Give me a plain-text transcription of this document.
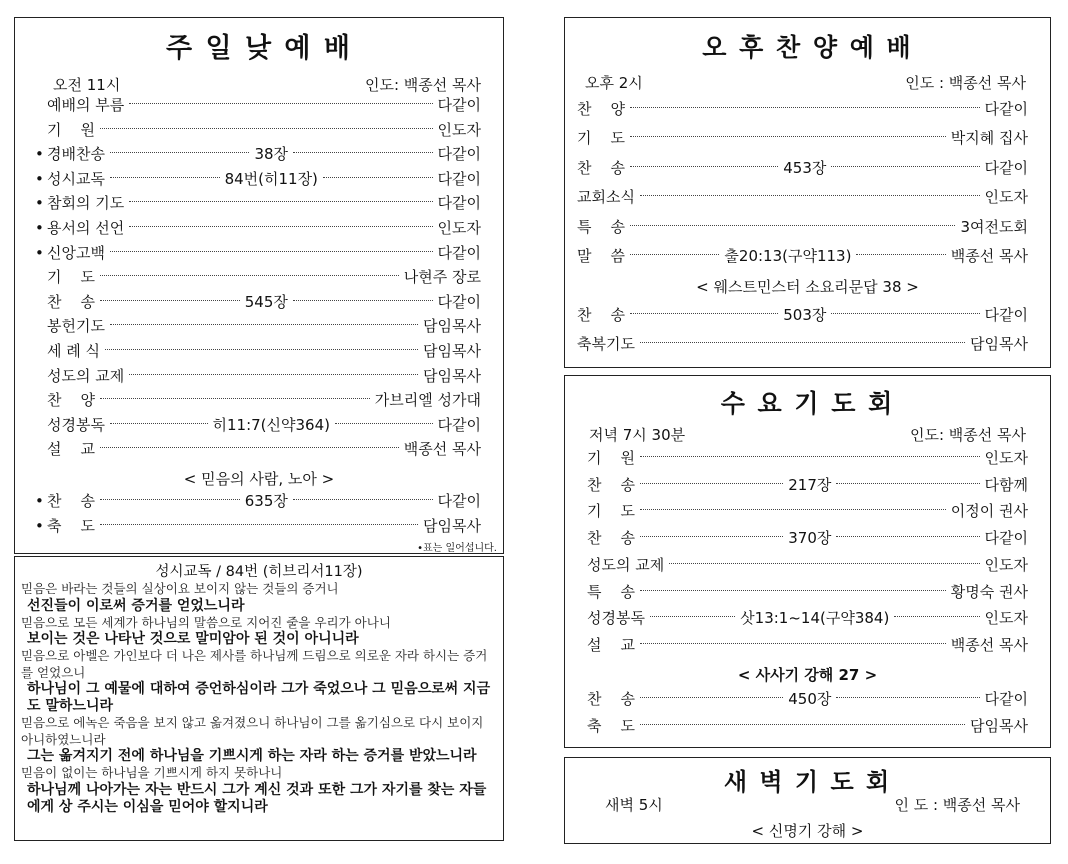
주 일 낮 예 배
오전 11시	인도: 백종선 목사
예배의 부름	다같이
기    원	인도자
• 경배찬송	38장	다같이
• 성시교독	84번(히11장)	다같이
• 참회의 기도	다같이
• 용서의 선언	인도자
• 신앙고백	다같이
기    도	나현주 장로
찬    송	545장	다같이
봉헌기도	담임목사
세 례 식	담임목사
성도의 교제	담임목사
찬    양	가브리엘 성가대
성경봉독	히11:7(신약364)	다같이
설    교	백종선 목사
< 믿음의 사람, 노아 >
• 찬    송	635장	다같이
• 축    도	담임목사
•표는 일어섭니다.
성시교독 / 84번 (히브리서11장)
믿음은 바라는 것들의 실상이요 보이지 않는 것들의 증거니
선진들이 이로써 증거를 얻었느니라
믿음으로 모든 세계가 하나님의 말씀으로 지어진 줄을 우리가 아나니
보이는 것은 나타난 것으로 말미암아 된 것이 아니니라
믿음으로 아벨은 가인보다 더 나은 제사를 하나님께 드림으로 의로운 자라 하시는 증거를 얻었으니
하나님이 그 예물에 대하여 증언하심이라 그가 죽었으나 그 믿음으로써 지금도 말하느니라
믿음으로 에녹은 죽음을 보지 않고 옮겨졌으니 하나님이 그를 옮기심으로 다시 보이지 아니하였느니라
그는 옮겨지기 전에 하나님을 기쁘시게 하는 자라 하는 증거를 받았느니라
믿음이 없이는 하나님을 기쁘시게 하지 못하나니
하나님께 나아가는 자는 반드시 그가 계신 것과 또한 그가 자기를 찾는 자들에게 상 주시는 이심을 믿어야 할지니라
오 후 찬 양 예 배
오후 2시	인도 : 백종선 목사
찬    양	다같이
기    도	박지혜 집사
찬    송	453장	다같이
교회소식	인도자
특    송	3여전도회
말    씀	출20:13(구약113)	백종선 목사
< 웨스트민스터 소요리문답 38 >
찬    송	503장	다같이
축복기도	담임목사
수 요 기 도 회
저녁 7시 30분	인도: 백종선 목사
기    원	인도자
찬    송	217장	다함께
기    도	이정이 권사
찬    송	370장	다같이
성도의 교제	인도자
특    송	황명숙 권사
성경봉독	삿13:1~14(구약384)	인도자
설    교	백종선 목사
< 사사기 강해 27 >
찬    송	450장	다같이
축    도	담임목사
새 벽 기 도 회
새벽 5시	인 도 : 백종선 목사
< 신명기 강해 >
